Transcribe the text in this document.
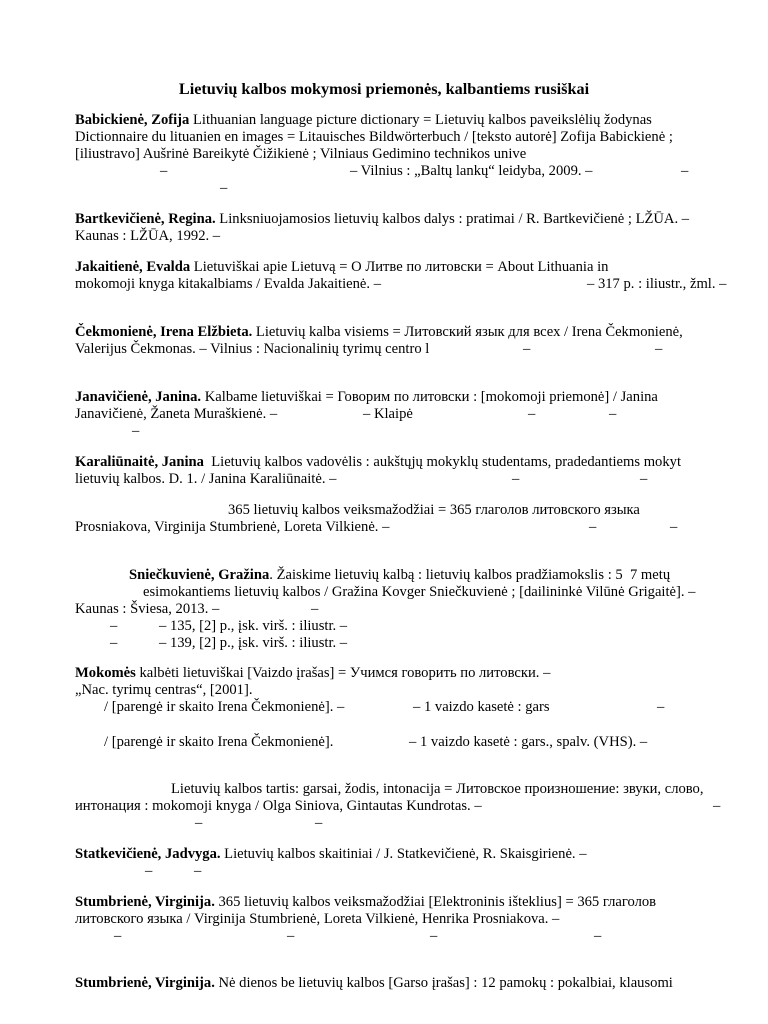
Lietuvių kalbos mokymosi priemonės, kalbantiems rusiškai
Babickienė, Zofija Lithuanian language picture dictionary = Lietuvių kalbos paveikslėlių žodynas
Dictionnaire du lituanien en images = Litauisches Bildwörterbuch / [teksto autorė] Zofija Babickienė ;
[iliustravo] Aušrinė Bareikytė Čižikienė ; Vilniaus Gedimino technikos unive
–	– Vilnius : „Baltų lankų“ leidyba, 2009. –	–
–
Bartkevičienė, Regina. Linksniuojamosios lietuvių kalbos dalys : pratimai / R. Bartkevičienė ; LŽŪA. –
Kaunas : LŽŪA, 1992. –
Jakaitienė, Evalda Lietuviškai apie Lietuvą = О Литве по литовски = About Lithuania in
mokomoji knyga kitakalbiams / Evalda Jakaitienė. –	– 317 p. : iliustr., žml. –
Čekmonienė, Irena Elžbieta. Lietuvių kalba visiems = Литовский язык для всех / Irena Čekmonienė,
Valerijus Čekmonas. – Vilnius : Nacionalinių tyrimų centro l	–	–
Janavičienė, Janina. Kalbame lietuviškai = Говорим по литовски : [mokomoji priemonė] / Janina
Janavičienė, Žaneta Muraškienė. –	– Klaipė	–	–
–
Karaliūnaitė, Janina  Lietuvių kalbos vadovėlis : aukštųjų mokyklų studentams, pradedantiems mokyt
lietuvių kalbos. D. 1. / Janina Karaliūnaitė. –	–	–
365 lietuvių kalbos veiksmažodžiai = 365 глаголов литовского языка
Prosniakova, Virginija Stumbrienė, Loreta Vilkienė. –	–	–
Sniečkuvienė, Gražina. Žaiskime lietuvių kalbą : lietuvių kalbos pradžiamokslis : 5  7 metų
esimokantiems lietuvių kalbos / Gražina Kovger Sniečkuvienė ; [dailininkė Vilūnė Grigaitė]. –
Kaunas : Šviesa, 2013. –	–
–	– 135, [2] p., įsk. virš. : iliustr. –
–	– 139, [2] p., įsk. virš. : iliustr. –
Mokomės kalbėti lietuviškai [Vaizdo įrašas] = Учимся говорить по литовски. –
„Nac. tyrimų centras“, [2001].
/ [parengė ir skaito Irena Čekmonienė]. –	– 1 vaizdo kasetė : gars	–
/ [parengė ir skaito Irena Čekmonienė].	– 1 vaizdo kasetė : gars., spalv. (VHS). –
Lietuvių kalbos tartis: garsai, žodis, intonacija = Литовское произношение: звуки, слово,
интонация : mokomoji knyga / Olga Siniova, Gintautas Kundrotas. –	–
–	–
Statkevičienė, Jadvyga. Lietuvių kalbos skaitiniai / J. Statkevičienė, R. Skaisgirienė. –
–	–
Stumbrienė, Virginija. 365 lietuvių kalbos veiksmažodžiai [Elektroninis išteklius] = 365 глаголов
литовского языка / Virginija Stumbrienė, Loreta Vilkienė, Henrika Prosniakova. –
–	–	–	–
Stumbrienė, Virginija. Nė dienos be lietuvių kalbos [Garso įrašas] : 12 pamokų : pokalbiai, klausomi
